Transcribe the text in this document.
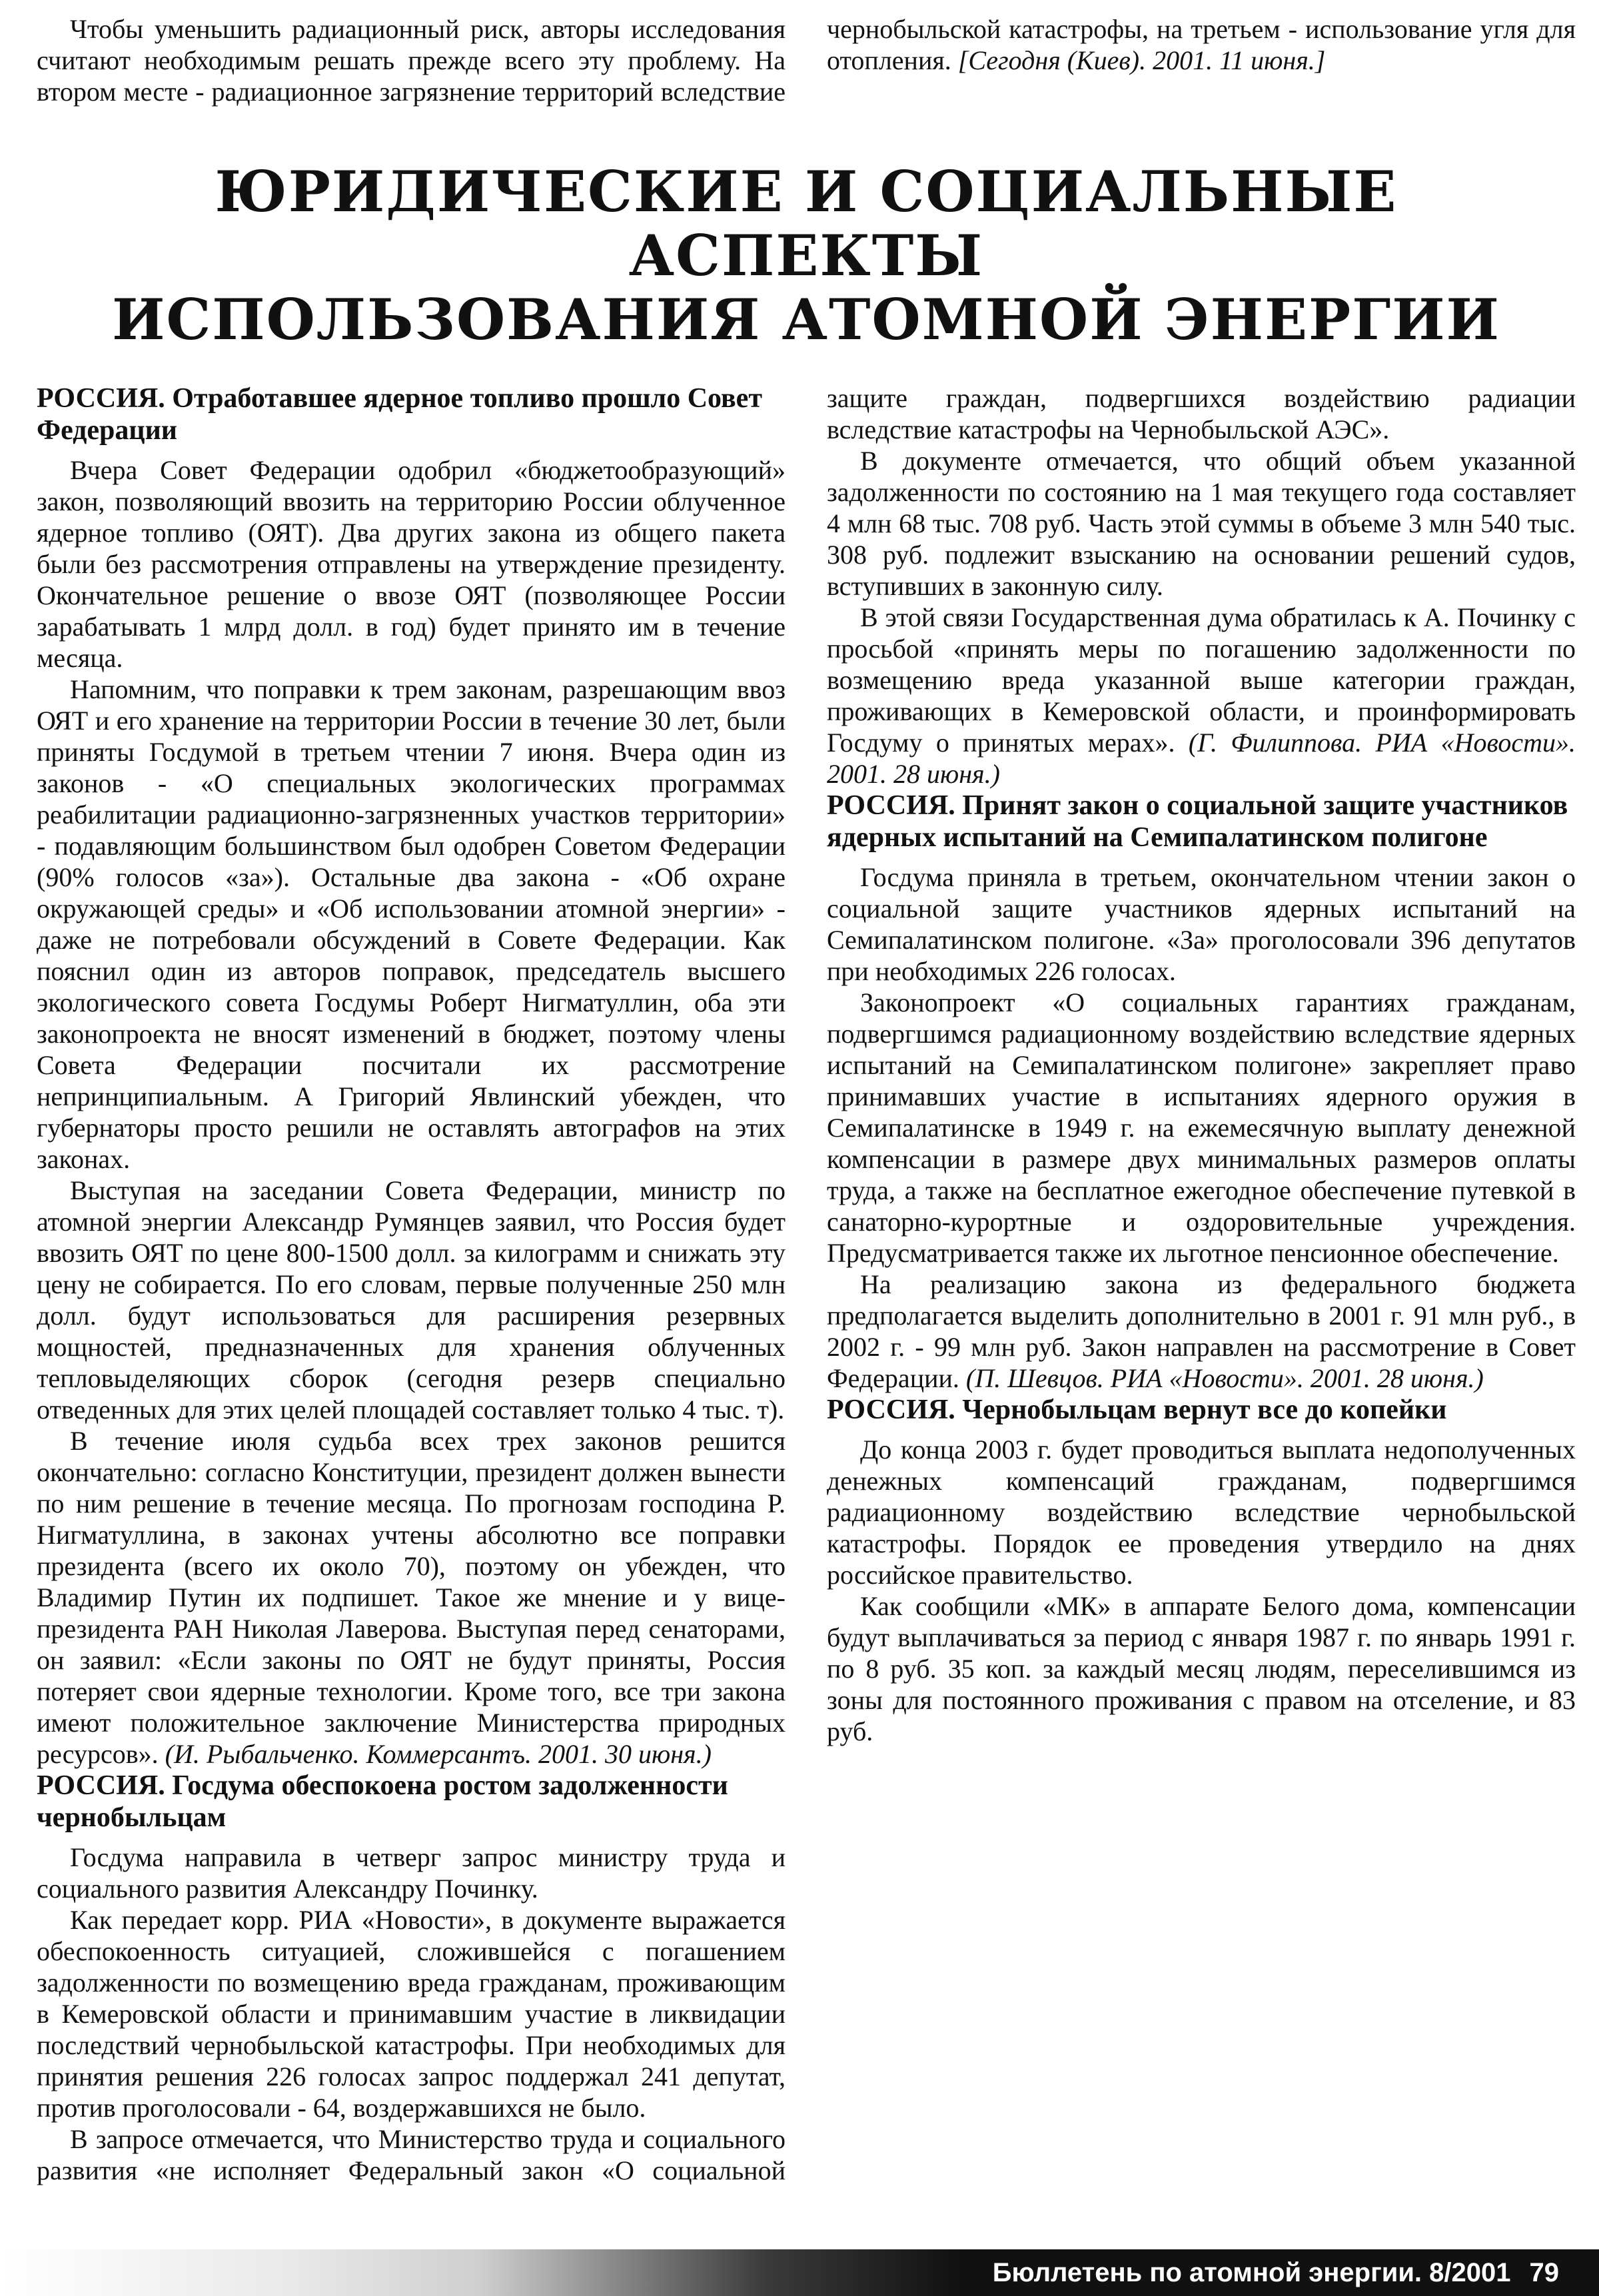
Чтобы уменьшить радиационный риск, авторы исследования считают необходимым решать прежде всего эту проблему. На втором месте - радиационное загрязнение территорий вследствие чернобыльской катастрофы, на третьем - использование угля для отопления. [Сегодня (Киев). 2001. 11 июня.]

ЮРИДИЧЕСКИЕ И СОЦИАЛЬНЫЕ АСПЕКТЫ
ИСПОЛЬЗОВАНИЯ АТОМНОЙ ЭНЕРГИИ
РОССИЯ. Отработавшее ядерное топливо прошло Совет Федерации

Вчера Совет Федерации одобрил «бюджетообразующий» закон, позволяющий ввозить на территорию России облученное ядерное топливо (ОЯТ). Два других закона из общего пакета были без рассмотрения отправлены на утверждение президенту. Окончательное решение о ввозе ОЯТ (позволяющее России зарабатывать 1 млрд долл. в год) будет принято им в течение месяца.

Напомним, что поправки к трем законам, разрешающим ввоз ОЯТ и его хранение на территории России в течение 30 лет, были приняты Госдумой в третьем чтении 7 июня. Вчера один из законов - «О специальных экологических программах реабилитации радиационно-загрязненных участков территории» - подавляющим большинством был одобрен Советом Федерации (90% голосов «за»). Остальные два закона - «Об охране окружающей среды» и «Об использовании атомной энергии» - даже не потребовали обсуждений в Совете Федерации. Как пояснил один из авторов поправок, председатель высшего экологического совета Госдумы Роберт Нигматуллин, оба эти законопроекта не вносят изменений в бюджет, поэтому члены Совета Федерации посчитали их рассмотрение непринципиальным. А Григорий Явлинский убежден, что губернаторы просто решили не оставлять автографов на этих законах.

Выступая на заседании Совета Федерации, министр по атомной энергии Александр Румянцев заявил, что Россия будет ввозить ОЯТ по цене 800-1500 долл. за килограмм и снижать эту цену не собирается. По его словам, первые полученные 250 млн долл. будут использоваться для расширения резервных мощностей, предназначенных для хранения облученных тепловыделяющих сборок (сегодня резерв специально отведенных для этих целей площадей составляет только 4 тыс. т).

В течение июля судьба всех трех законов решится окончательно: согласно Конституции, президент должен вынести по ним решение в течение месяца. По прогнозам господина Р. Нигматуллина, в законах учтены абсолютно все поправки президента (всего их около 70), поэтому он убежден, что Владимир Путин их подпишет. Такое же мнение и у вице-президента РАН Николая Лаверова. Выступая перед сенаторами, он заявил: «Если законы по ОЯТ не будут приняты, Россия потеряет свои ядерные технологии. Кроме того, все три закона имеют положительное заключение Министерства природных ресурсов». (И. Рыбальченко. Коммерсантъ. 2001. 30 июня.)

РОССИЯ. Госдума обеспокоена ростом задолженности чернобыльцам

Госдума направила в четверг запрос министру труда и социального развития Александру Починку.

Как передает корр. РИА «Новости», в документе выражается обеспокоенность ситуацией, сложившейся с погашением задолженности по возмещению вреда гражданам, проживающим в Кемеровской области и принимавшим участие в ликвидации последствий чернобыльской катастрофы. При необходимых для принятия решения 226 голосах запрос поддержал 241 депутат, против проголосовали - 64, воздержавшихся не было.

В запросе отмечается, что Министерство труда и социального развития «не исполняет Федеральный закон «О социальной защите граждан, подвергшихся воздействию радиации вследствие катастрофы на Чернобыльской АЭС».

В документе отмечается, что общий объем указанной задолженности по состоянию на 1 мая текущего года составляет 4 млн 68 тыс. 708 руб. Часть этой суммы в объеме 3 млн 540 тыс. 308 руб. подлежит взысканию на основании решений судов, вступивших в законную силу.

В этой связи Государственная дума обратилась к А. Починку с просьбой «принять меры по погашению задолженности по возмещению вреда указанной выше категории граждан, проживающих в Кемеровской области, и проинформировать Госдуму о принятых мерах». (Г. Филиппова. РИА «Новости». 2001. 28 июня.)

РОССИЯ. Принят закон о социальной защите участников ядерных испытаний на Семипалатинском полигоне

Госдума приняла в третьем, окончательном чтении закон о социальной защите участников ядерных испытаний на Семипалатинском полигоне. «За» проголосовали 396 депутатов при необходимых 226 голосах.

Законопроект «О социальных гарантиях гражданам, подвергшимся радиационному воздействию вследствие ядерных испытаний на Семипалатинском полигоне» закрепляет право принимавших участие в испытаниях ядерного оружия в Семипалатинске в 1949 г. на ежемесячную выплату денежной компенсации в размере двух минимальных размеров оплаты труда, а также на бесплатное ежегодное обеспечение путевкой в санаторно-курортные и оздоровительные учреждения. Предусматривается также их льготное пенсионное обеспечение.

На реализацию закона из федерального бюджета предполагается выделить дополнительно в 2001 г. 91 млн руб., в 2002 г. - 99 млн руб. Закон направлен на рассмотрение в Совет Федерации. (П. Шевцов. РИА «Новости». 2001. 28 июня.)

РОССИЯ. Чернобыльцам вернут все до копейки

До конца 2003 г. будет проводиться выплата недополученных денежных компенсаций гражданам, подвергшимся радиационному воздействию вследствие чернобыльской катастрофы. Порядок ее проведения утвердило на днях российское правительство.

Как сообщили «МК» в аппарате Белого дома, компенсации будут выплачиваться за период с января 1987 г. по январь 1991 г. по 8 руб. 35 коп. за каждый месяц людям, переселившимся из зоны для постоянного проживания с правом на отселение, и 83 руб.

Бюллетень по атомной энергии. 8/2001 79
